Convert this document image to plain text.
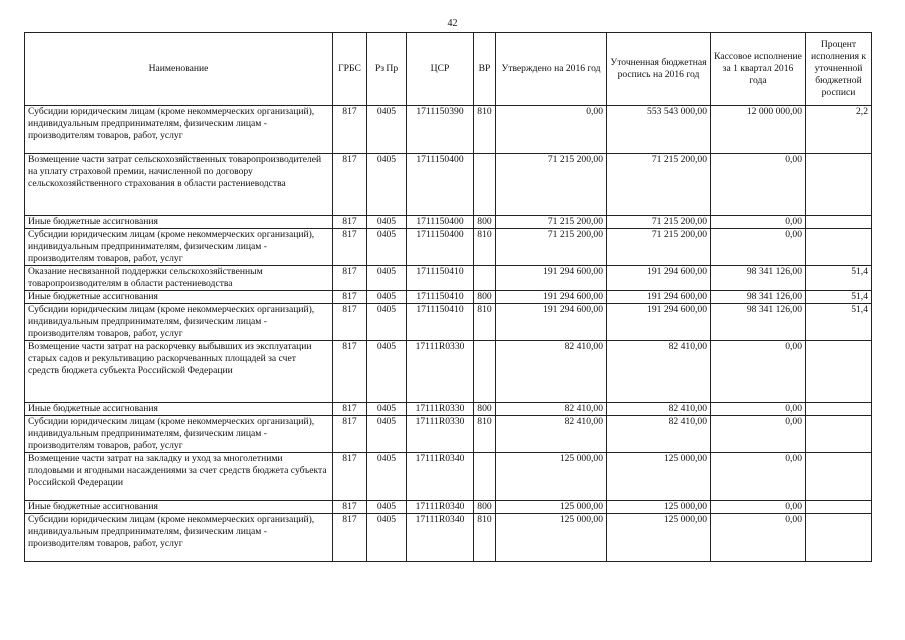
42
Наименование	ГРБС	Рз Пр	ЦСР	ВР	Утверждено на 2016 год	Уточненная бюджетная роспись на 2016 год	Кассовое исполнение за 1 квартал 2016 года	Процент исполнения к уточненной бюджетной росписи
Субсидии юридическим лицам (кроме некоммерческих организаций), индивидуальным предпринимателям, физическим лицам - производителям товаров, работ, услуг	817	0405	1711150390	810	0,00	553 543 000,00	12 000 000,00	2,2
Возмещение части затрат сельскохозяйственных товаропроизводителей на уплату страховой премии, начисленной по договору сельскохозяйственного страхования в области растениеводства	817	0405	1711150400		71 215 200,00	71 215 200,00	0,00	
Иные бюджетные ассигнования	817	0405	1711150400	800	71 215 200,00	71 215 200,00	0,00	
Субсидии юридическим лицам (кроме некоммерческих организаций), индивидуальным предпринимателям, физическим лицам - производителям товаров, работ, услуг	817	0405	1711150400	810	71 215 200,00	71 215 200,00	0,00	
Оказание несвязанной поддержки сельскохозяйственным товаропроизводителям в области растениеводства	817	0405	1711150410		191 294 600,00	191 294 600,00	98 341 126,00	51,4
Иные бюджетные ассигнования	817	0405	1711150410	800	191 294 600,00	191 294 600,00	98 341 126,00	51,4
Субсидии юридическим лицам (кроме некоммерческих организаций), индивидуальным предпринимателям, физическим лицам - производителям товаров, работ, услуг	817	0405	1711150410	810	191 294 600,00	191 294 600,00	98 341 126,00	51,4
Возмещение части затрат на раскорчевку выбывших из эксплуатации старых садов и рекультивацию раскорчеванных площадей за счет средств бюджета субъекта Российской Федерации	817	0405	17111R0330		82 410,00	82 410,00	0,00	
Иные бюджетные ассигнования	817	0405	17111R0330	800	82 410,00	82 410,00	0,00	
Субсидии юридическим лицам (кроме некоммерческих организаций), индивидуальным предпринимателям, физическим лицам - производителям товаров, работ, услуг	817	0405	17111R0330	810	82 410,00	82 410,00	0,00	
Возмещение части затрат на закладку и уход за многолетними плодовыми и ягодными насаждениями за счет средств бюджета субъекта Российской Федерации	817	0405	17111R0340		125 000,00	125 000,00	0,00	
Иные бюджетные ассигнования	817	0405	17111R0340	800	125 000,00	125 000,00	0,00	
Субсидии юридическим лицам (кроме некоммерческих организаций), индивидуальным предпринимателям, физическим лицам - производителям товаров, работ, услуг	817	0405	17111R0340	810	125 000,00	125 000,00	0,00	
